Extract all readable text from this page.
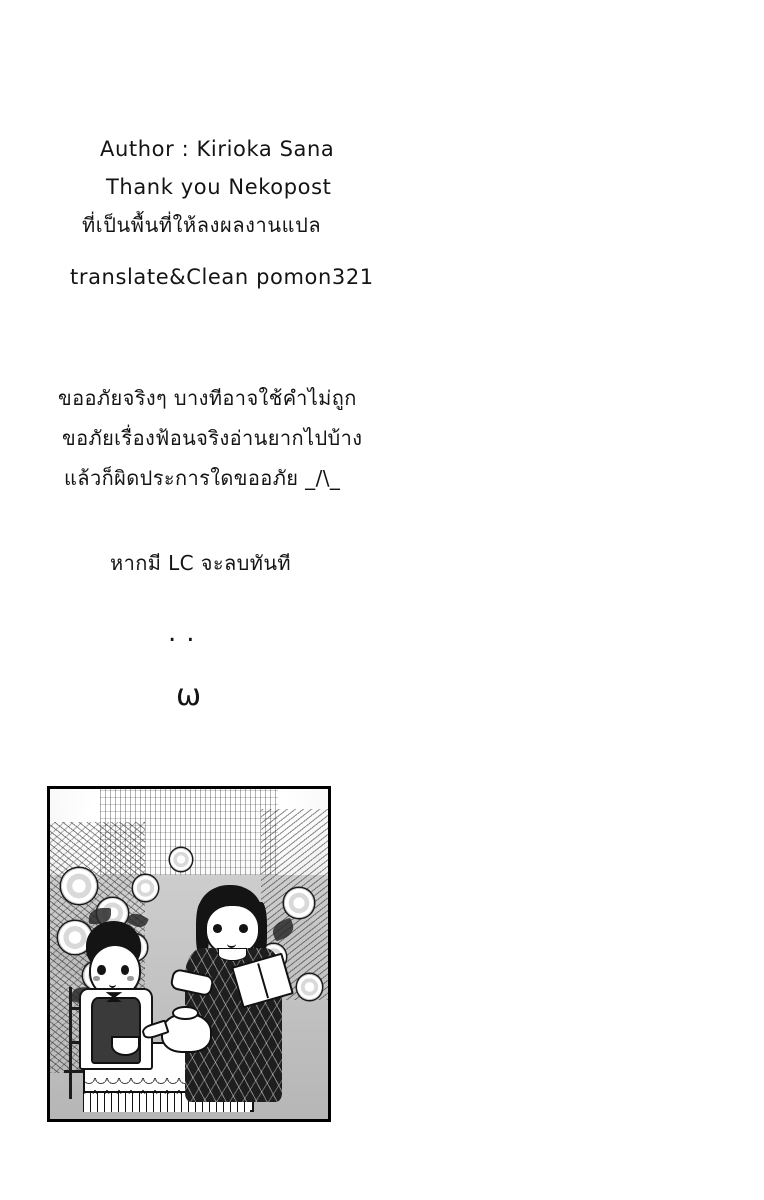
Author : Kirioka Sana
Thank you Nekopost
ที่เป็นพื้นที่ให้ลงผลงานแปล
translate&Clean pomon321
ขออภัยจริงๆ บางทีอาจใช้คำไม่ถูก
ขอภัยเรื่องฟ้อนจริงอ่านยากไปบ้าง
แล้วก็ผิดประการใดขออภัย _/\_
หากมี LC จะลบทันที
..
ω
